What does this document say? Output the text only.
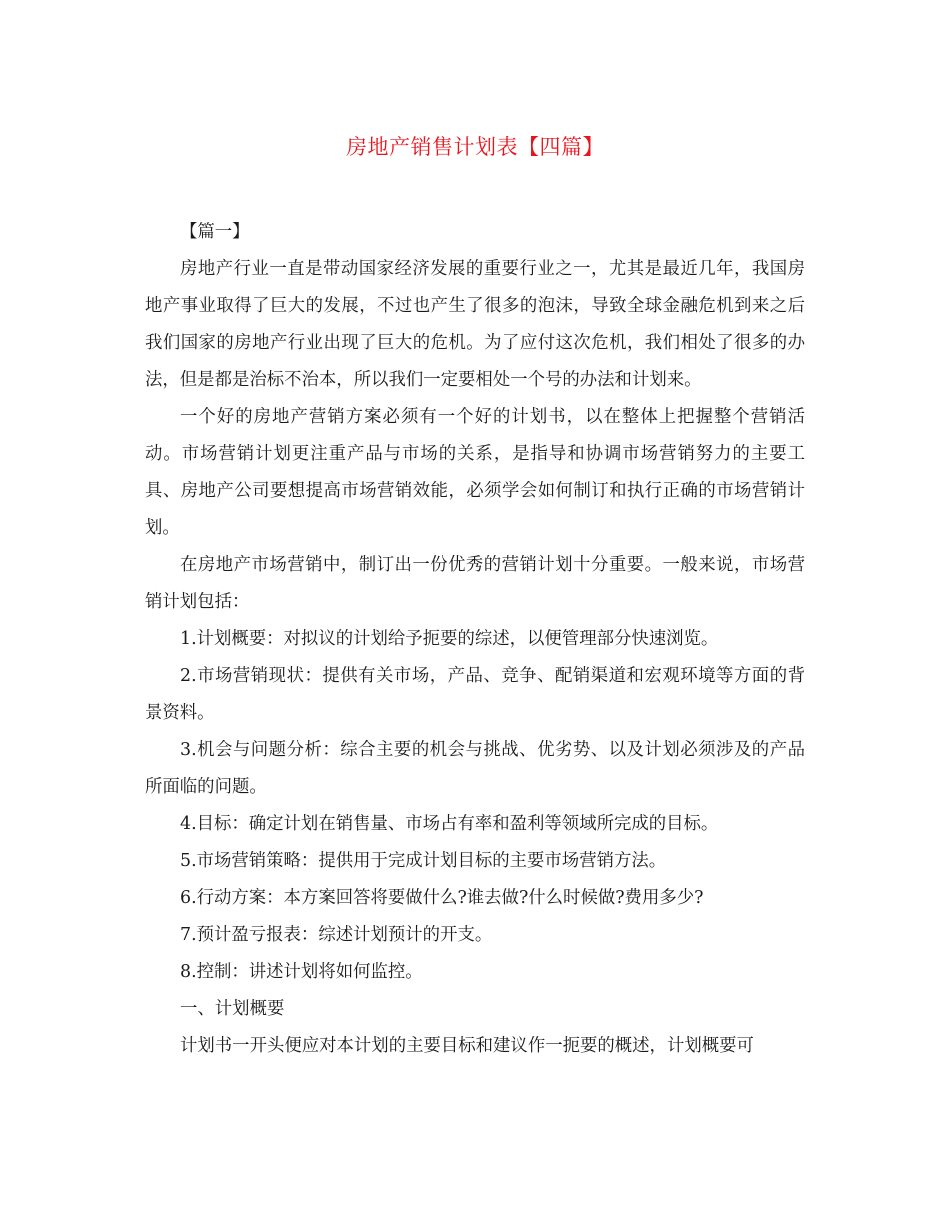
房地产销售计划表【四篇】

【篇一】

房地产行业一直是带动国家经济发展的重要行业之一，尤其是最近几年，我国房地产事业取得了巨大的发展，不过也产生了很多的泡沫，导致全球金融危机到来之后我们国家的房地产行业出现了巨大的危机。为了应付这次危机，我们相处了很多的办法，但是都是治标不治本，所以我们一定要相处一个号的办法和计划来。

一个好的房地产营销方案必须有一个好的计划书，以在整体上把握整个营销活动。市场营销计划更注重产品与市场的关系，是指导和协调市场营销努力的主要工具、房地产公司要想提高市场营销效能，必须学会如何制订和执行正确的市场营销计划。

在房地产市场营销中，制订出一份优秀的营销计划十分重要。一般来说，市场营销计划包括：

1.计划概要：对拟议的计划给予扼要的综述，以便管理部分快速浏览。

2.市场营销现状：提供有关市场，产品、竞争、配销渠道和宏观环境等方面的背景资料。

3.机会与问题分析：综合主要的机会与挑战、优劣势、以及计划必须涉及的产品所面临的问题。

4.目标：确定计划在销售量、市场占有率和盈利等领域所完成的目标。

5.市场营销策略：提供用于完成计划目标的主要市场营销方法。

6.行动方案：本方案回答将要做什么?谁去做?什么时候做?费用多少?

7.预计盈亏报表：综述计划预计的开支。

8.控制：讲述计划将如何监控。

一、计划概要

计划书一开头便应对本计划的主要目标和建议作一扼要的概述，计划概要可
